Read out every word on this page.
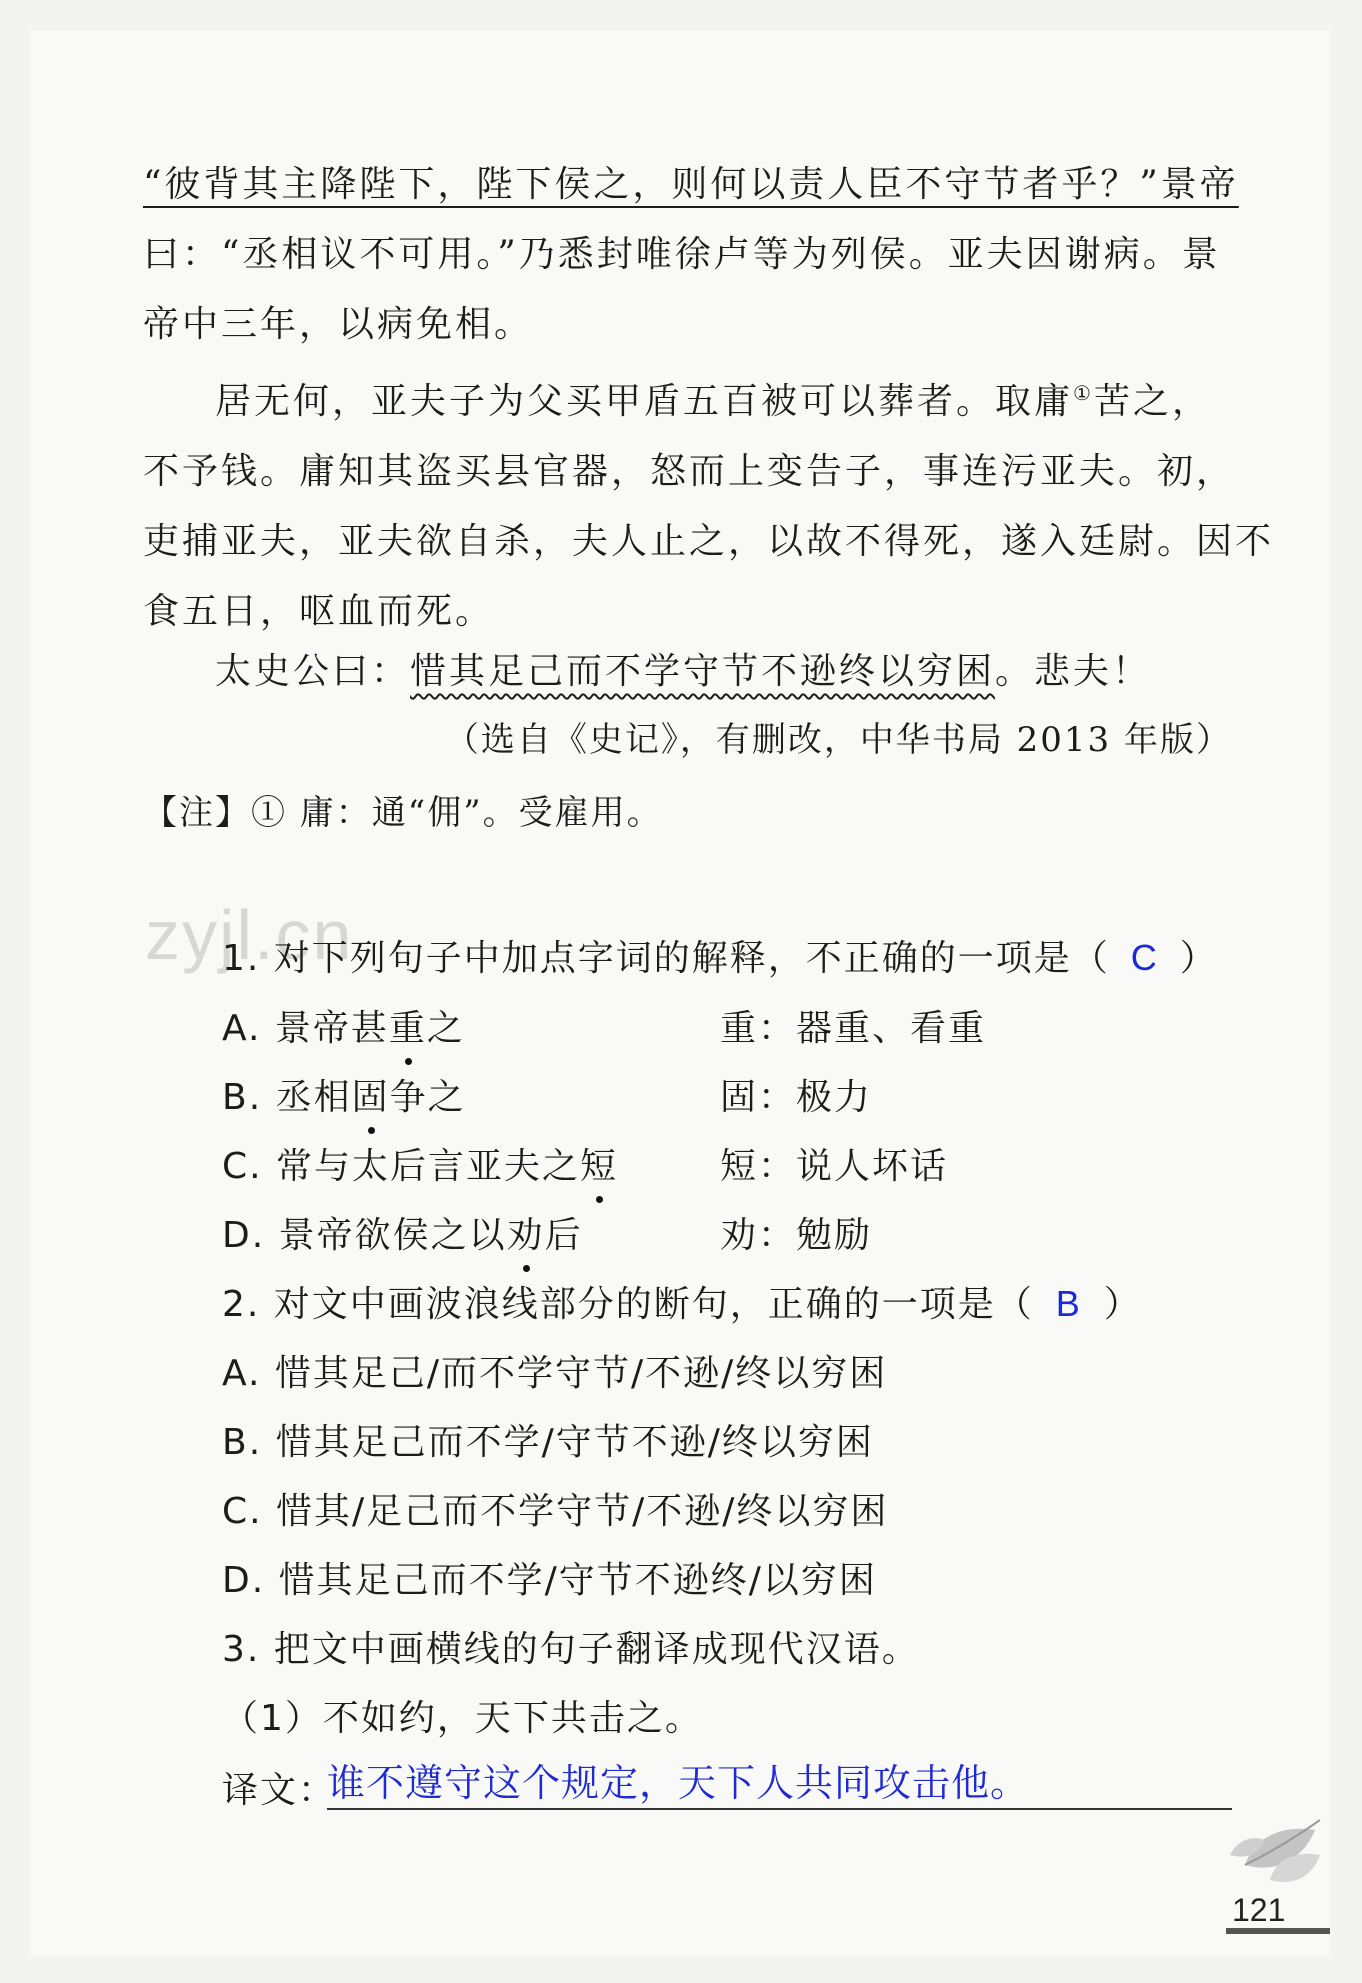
“彼背其主降陛下，陛下侯之，则何以责人臣不守节者乎？”景帝
曰：“丞相议不可用。”乃悉封唯徐卢等为列侯。亚夫因谢病。景
帝中三年，以病免相。
居无何，亚夫子为父买甲盾五百被可以葬者。取庸①苦之，
不予钱。庸知其盗买县官器，怒而上变告子，事连污亚夫。初，
吏捕亚夫，亚夫欲自杀，夫人止之，以故不得死，遂入廷尉。因不
食五日，呕血而死。
太史公曰：惜其足己而不学守节不逊终以穷困。悲夫！
（选自《史记》，有删改，中华书局 2013 年版）
【注】① 庸：通“佣”。受雇用。
zyjl.cn
1. 对下列句子中加点字词的解释，不正确的一项是（ C ）
A. 景帝甚重之	重：器重、看重
B. 丞相固争之	固：极力
C. 常与太后言亚夫之短	短：说人坏话
D. 景帝欲侯之以劝后	劝：勉励
2. 对文中画波浪线部分的断句，正确的一项是（ B ）
A. 惜其足己/而不学守节/不逊/终以穷困
B. 惜其足己而不学/守节不逊/终以穷困
C. 惜其/足己而不学守节/不逊/终以穷困
D. 惜其足己而不学/守节不逊终/以穷困
3. 把文中画横线的句子翻译成现代汉语。
（1）不如约，天下共击之。
译文：
谁不遵守这个规定，天下人共同攻击他。
121
